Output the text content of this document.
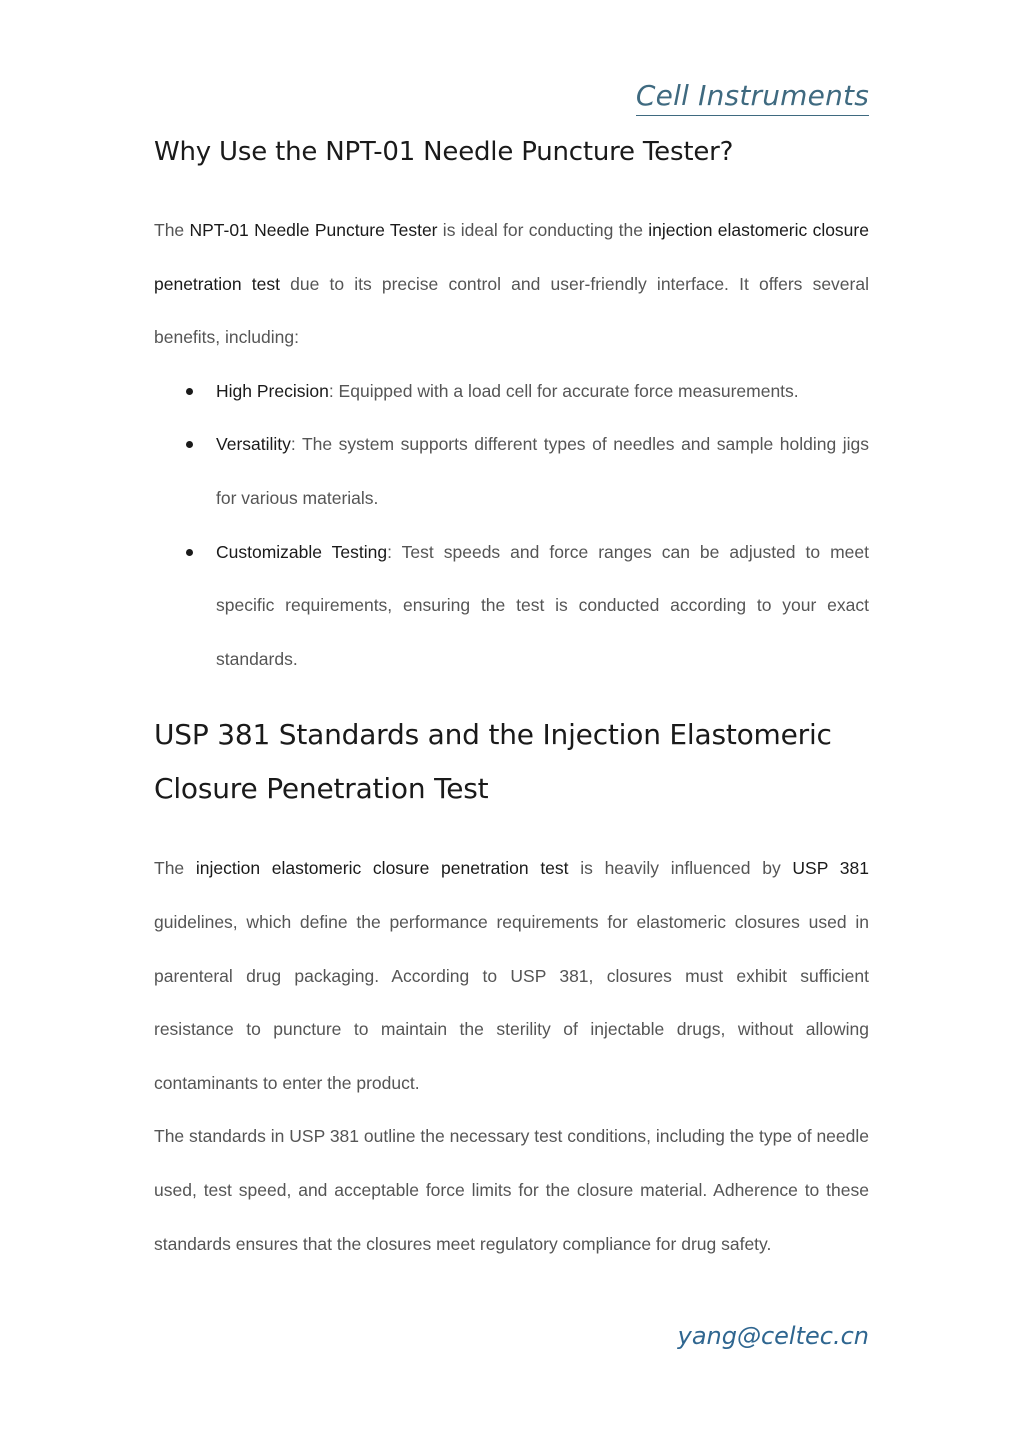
Cell Instruments
Why Use the NPT-01 Needle Puncture Tester?

The NPT-01 Needle Puncture Tester is ideal for conducting the injection elastomeric closure penetration test due to its precise control and user-friendly interface. It offers several benefits, including:

High Precision: Equipped with a load cell for accurate force measurements.
Versatility: The system supports different types of needles and sample holding jigs for various materials.
Customizable Testing: Test speeds and force ranges can be adjusted to meet specific requirements, ensuring the test is conducted according to your exact standards.
USP 381 Standards and the Injection Elastomeric Closure Penetration Test

The injection elastomeric closure penetration test is heavily influenced by USP 381 guidelines, which define the performance requirements for elastomeric closures used in parenteral drug packaging. According to USP 381, closures must exhibit sufficient resistance to puncture to maintain the sterility of injectable drugs, without allowing contaminants to enter the product.

The standards in USP 381 outline the necessary test conditions, including the type of needle used, test speed, and acceptable force limits for the closure material. Adherence to these standards ensures that the closures meet regulatory compliance for drug safety.

yang@celtec.cn
